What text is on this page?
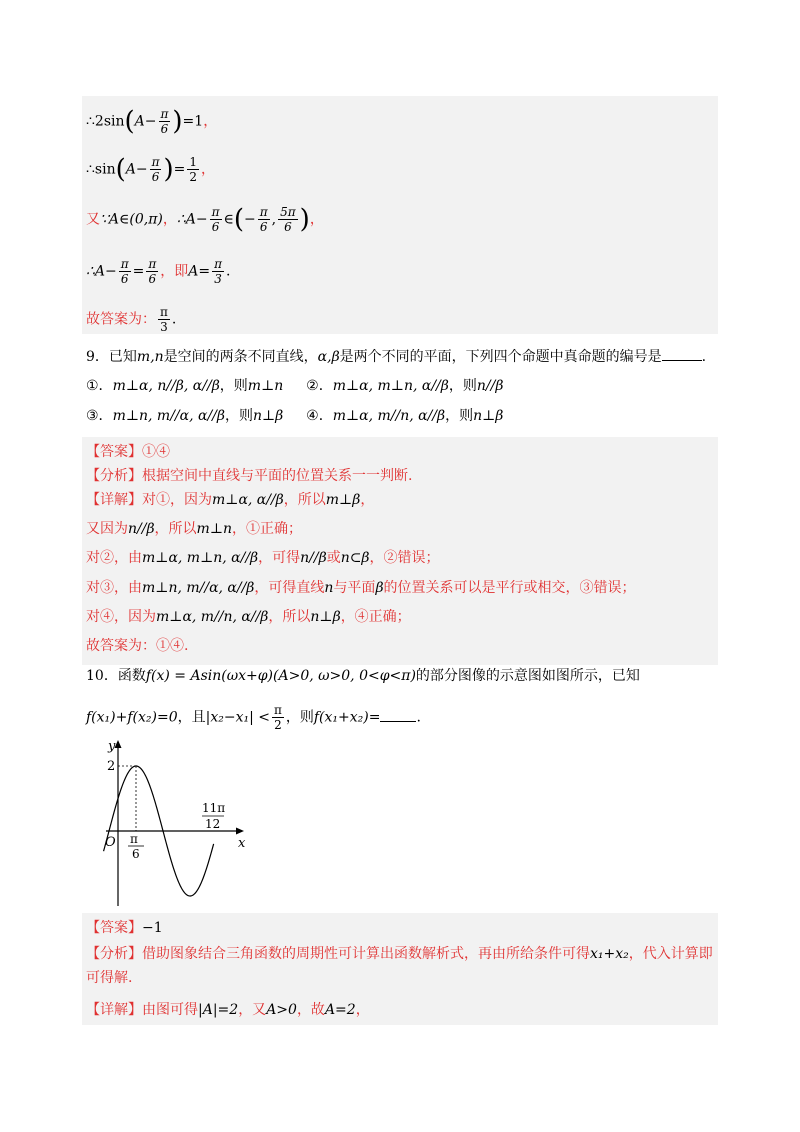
∴2sin(A− $\frac{\pi}{6} )=1$，
∴sin(A− $\frac{\pi}{6}$ )= $\frac{1}{2}$ ，
又∵A∈(0,π)，∴A− $\frac{\pi}{6}$ ∈(− $\frac{\pi}{6}$ , $\frac{5\pi}{6}$ )，
∴A− $\frac{\pi}{6} = \frac{\pi}{6}$ ，即$A= \frac{\pi}{3}$ .
故答案为： $\frac{\pi}{3}$ .
9．已知m,n是空间的两条不同直线，α,β是两个不同的平面，下列四个命题中真命题的编号是	.
①．m⊥α, n//β, α//β，则m⊥n ②．m⊥α, m⊥n, α//β，则n//β
③．m⊥n, m//α, α//β，则n⊥β ④．m⊥α, m//n, α//β，则n⊥β
【答案】①④
【分析】根据空间中直线与平面的位置关系一一判断.
【详解】对①，因为m⊥α, α//β，所以m⊥β，
又因为n//β，所以m⊥n，①正确；
对②，由m⊥α, m⊥n, α//β，可得n//β或n⊂β，②错误；
对③，由m⊥n, m//α, α//β，可得直线n与平面β的位置关系可以是平行或相交，③错误；
对④，因为m⊥α, m//n, α//β，所以n⊥β，④正确；
故答案为：①④.
10．函数f(x) = Asin(ωx+φ)(A>0, ω>0, 0<φ<π)的部分图像的示意图如图所示，已知
f(x₁)+f(x₂)=0，且$|x_2-x_1| < \frac{\pi}{2}$ ，则f(x₁+x₂)=	.
y
x
O
2
π
6
11π
12
【答案】−1
【分析】借助图象结合三角函数的周期性可计算出函数解析式，再由所给条件可得x₁+x₂，代入计算即
可得解.
【详解】由图可得|A|=2，又A>0，故A=2，
